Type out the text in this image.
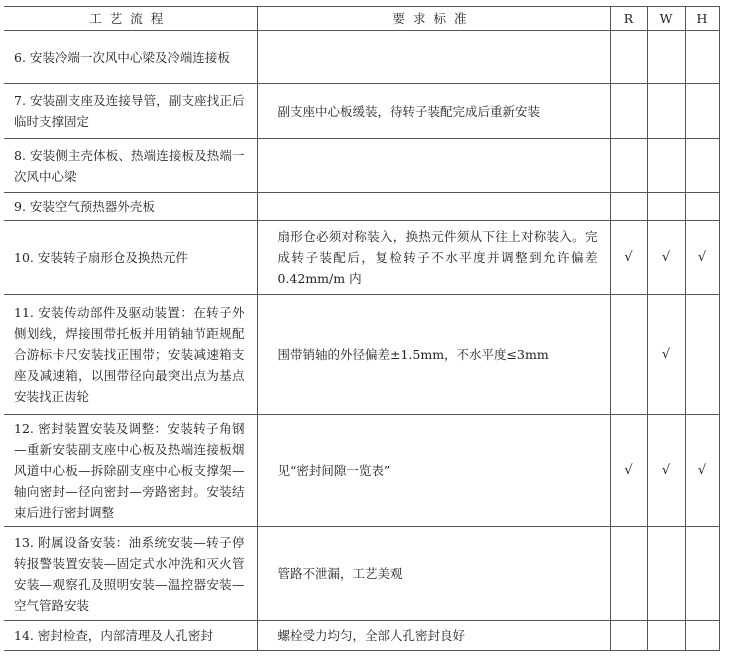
工艺流程	要求标准	R	W	H
6. 安装冷端一次风中心梁及冷端连接板				
7. 安装副支座及连接导管，副支座找正后临时支撑固定	副支座中心板缓装，待转子装配完成后重新安装			
8. 安装侧主壳体板、热端连接板及热端一次风中心梁				
9. 安装空气预热器外壳板				
10. 安装转子扇形仓及换热元件	扇形仓必须对称装入，换热元件须从下往上对称装入。完成转子装配后，复检转子不水平度并调整到允许偏差 0.42mm/m 内	√	√	√
11. 安装传动部件及驱动装置：在转子外侧划线，焊接围带托板并用销轴节距规配合游标卡尺安装找正围带；安装减速箱支座及减速箱，以围带径向最突出点为基点安装找正齿轮	围带销轴的外径偏差±1.5mm，不水平度≤3mm		√	
12. 密封装置安装及调整：安装转子角钢—重新安装副支座中心板及热端连接板烟风道中心板—拆除副支座中心板支撑架—轴向密封—径向密封—旁路密封。安装结束后进行密封调整	见“密封间隙一览表”	√	√	√
13. 附属设备安装：油系统安装—转子停转报警装置安装—固定式水冲洗和灭火管安装—观察孔及照明安装—温控器安装—空气管路安装	管路不泄漏，工艺美观			
14. 密封检查，内部清理及人孔密封	螺栓受力均匀，全部人孔密封良好			
